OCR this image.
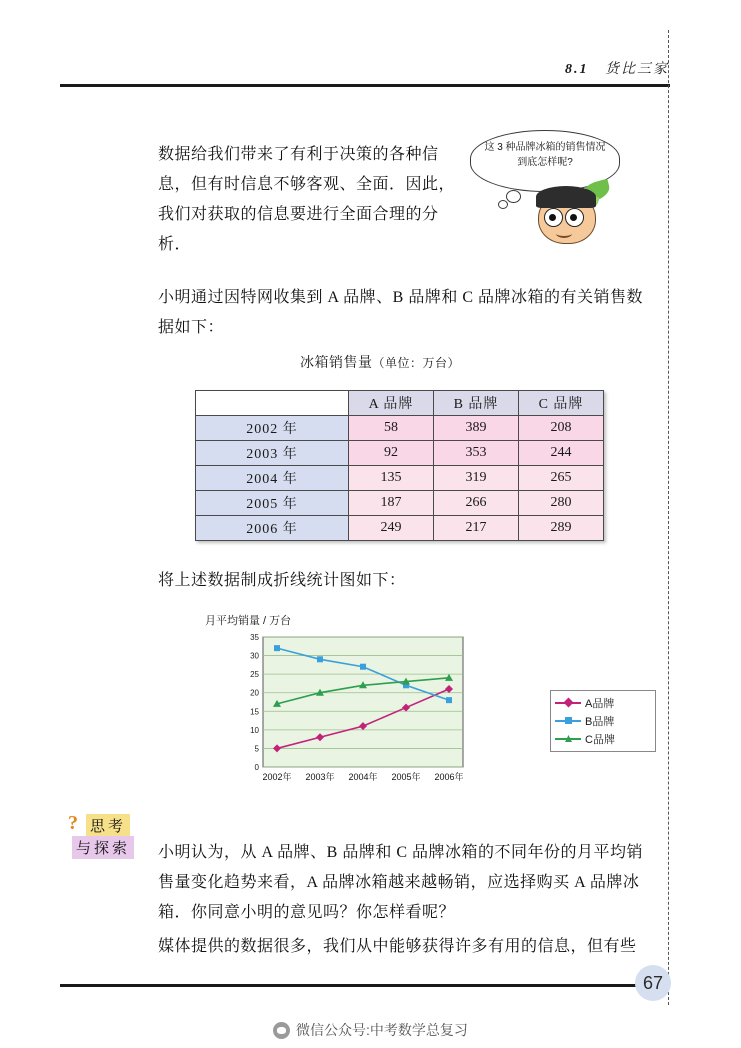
8.1 货比三家
数据给我们带来了有利于决策的各种信息，但有时信息不够客观、全面．因此，我们对获取的信息要进行全面合理的分析．
这 3 种品牌冰箱的销售情况到底怎样呢?
小明通过因特网收集到 A 品牌、B 品牌和 C 品牌冰箱的有关销售数据如下：
冰箱销售量（单位：万台）
	A 品牌	B 品牌	C 品牌
2002 年	58	389	208
2003 年	92	353	244
2004 年	135	319	265
2005 年	187	266	280
2006 年	249	217	289
将上述数据制成折线统计图如下：
月平均销量 / 万台
0
5
10
15
20
25
30
35
2002年 2003年 2004年 2005年 2006年
A品牌
B品牌
C品牌
? 思考
与探索 小明认为，从 A 品牌、B 品牌和 C 品牌冰箱的不同年份的月平均销售量变化趋势来看，A 品牌冰箱越来越畅销，应选择购买 A 品牌冰箱．你同意小明的意见吗？你怎样看呢？
媒体提供的数据很多，我们从中能够获得许多有用的信息，但有些
67
微信公众号:中考数学总复习
